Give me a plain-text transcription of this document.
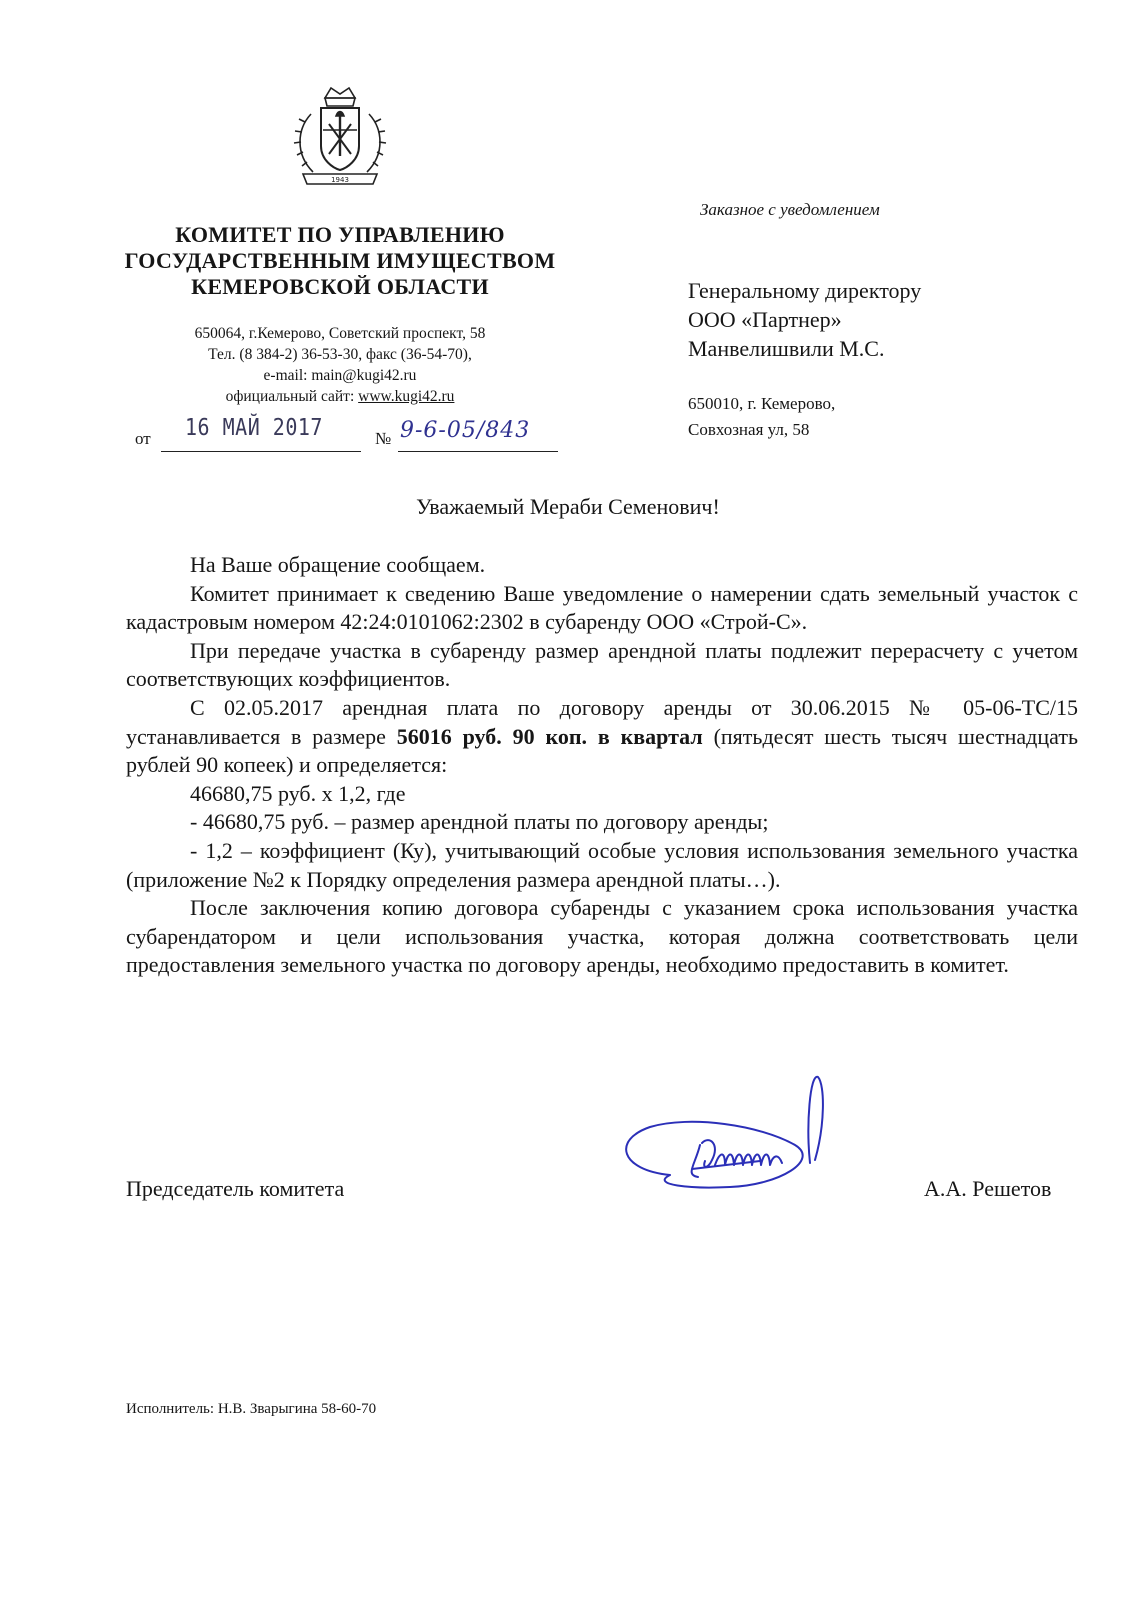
1943
КОМИТЕТ ПО УПРАВЛЕНИЮ
ГОСУДАРСТВЕННЫМ ИМУЩЕСТВОМ
КЕМЕРОВСКОЙ ОБЛАСТИ
650064, г.Кемерово, Советский проспект, 58
Тел. (8 384-2) 36-53-30, факс (36-54-70),
e-mail: main@kugi42.ru
официальный сайт: www.kugi42.ru
от 16 МАЙ 2017	№ 9-6-05/843
Заказное с уведомлением
Генеральному директору
ООО «Партнер»
Манвелишвили М.С.
650010, г. Кемерово,
Совхозная ул, 58
Уважаемый Мераби Семенович!

На Ваше обращение сообщаем.

Комитет принимает к сведению Ваше уведомление о намерении сдать земельный участок с кадастровым номером 42:24:0101062:2302 в субаренду ООО «Строй-С».

При передаче участка в субаренду размер арендной платы подлежит перерасчету с учетом соответствующих коэффициентов.

С 02.05.2017 арендная плата по договору аренды от 30.06.2015 № 05-06-ТС/15 устанавливается в размере 56016 руб. 90 коп. в квартал (пятьдесят шесть тысяч шестнадцать рублей 90 копеек) и определяется:

46680,75 руб. х 1,2, где

- 46680,75 руб. – размер арендной платы по договору аренды;

- 1,2 – коэффициент (Ку), учитывающий особые условия использования земельного участка (приложение №2 к Порядку определения размера арендной платы…).

После заключения копию договора субаренды с указанием срока использования участка субарендатором и цели использования участка, которая должна соответствовать цели предоставления земельного участка по договору аренды, необходимо предоставить в комитет.

Председатель комитета	А.А. Решетов
Исполнитель: Н.В. Зварыгина 58-60-70
